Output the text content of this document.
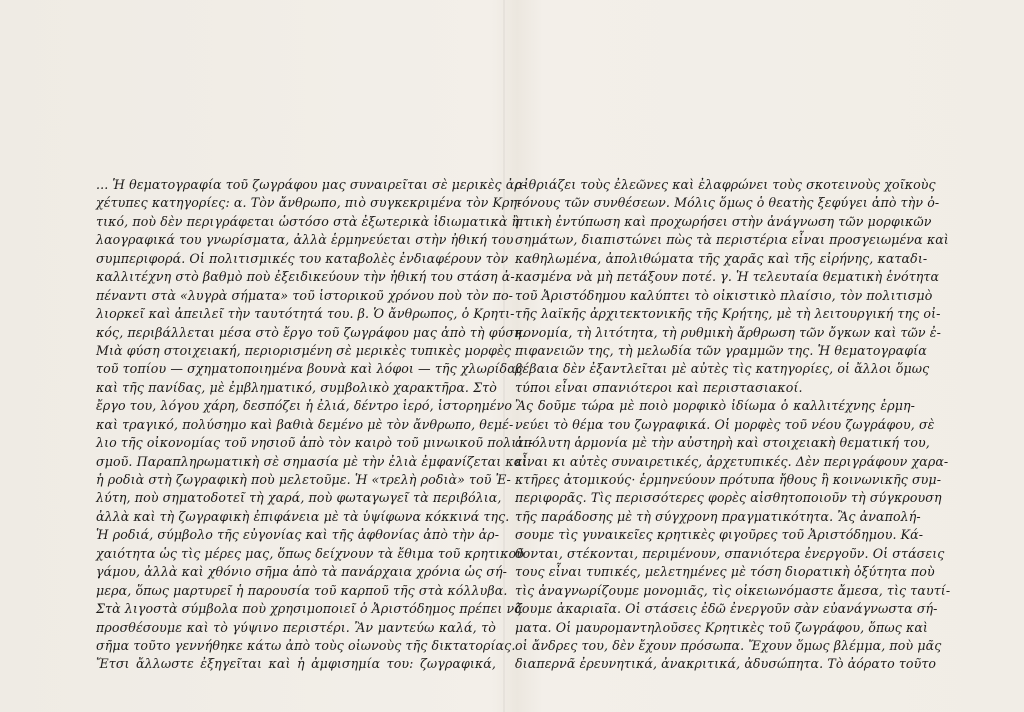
... Ἡ θεματογραφία τοῦ ζωγράφου μας συναιρεῖται σὲ μερικὲς ἀρ-
χέτυπες κατηγορίες: α. Τὸν ἄνθρωπο, πιὸ συγκεκριμένα τὸν Κρη-
τικό, ποὺ δὲν περιγράφεται ὡστόσο στὰ ἐξωτερικὰ ἰδιωματικὰ ἢ
λαογραφικά του γνωρίσματα, ἀλλὰ ἑρμηνεύεται στὴν ἠθική του
συμπεριφορά. Οἱ πολιτισμικές του καταβολὲς ἐνδιαφέρουν τὸν
καλλιτέχνη στὸ βαθμὸ ποὺ ἐξειδικεύουν τὴν ἠθική του στάση ἀ-
πέναντι στὰ «λυγρὰ σήματα» τοῦ ἱστορικοῦ χρόνου ποὺ τὸν πο-
λιορκεῖ καὶ ἀπειλεῖ τὴν ταυτότητά του. β. Ὁ ἄνθρωπος, ὁ Κρητι-
κός, περιβάλλεται μέσα στὸ ἔργο τοῦ ζωγράφου μας ἀπὸ τὴ φύση.
Μιὰ φύση στοιχειακή, περιορισμένη σὲ μερικὲς τυπικὲς μορφὲς
τοῦ τοπίου — σχηματοποιημένα βουνὰ καὶ λόφοι — τῆς χλωρίδας
καὶ τῆς πανίδας, μὲ ἐμβληματικό, συμβολικὸ χαρακτῆρα. Στὸ
ἔργο του, λόγου χάρη, δεσπόζει ἡ ἐλιά, δέντρο ἱερό, ἱστορημένο
καὶ τραγικό, πολύσημο καὶ βαθιὰ δεμένο μὲ τὸν ἄνθρωπο, θεμέ-
λιο τῆς οἰκονομίας τοῦ νησιοῦ ἀπὸ τὸν καιρὸ τοῦ μινωικοῦ πολιτι-
σμοῦ. Παραπληρωματικὴ σὲ σημασία μὲ τὴν ἐλιὰ ἐμφανίζεται καὶ
ἡ ροδιὰ στὴ ζωγραφικὴ ποὺ μελετοῦμε. Ἡ «τρελὴ ροδιὰ» τοῦ Ἐ-
λύτη, ποὺ σηματοδοτεῖ τὴ χαρά, ποὺ φωταγωγεῖ τὰ περιβόλια,
ἀλλὰ καὶ τὴ ζωγραφικὴ ἐπιφάνεια μὲ τὰ ὑψίφωνα κόκκινά της.
Ἡ ροδιά, σύμβολο τῆς εὐγονίας καὶ τῆς ἀφθονίας ἀπὸ τὴν ἀρ-
χαιότητα ὡς τὶς μέρες μας, ὅπως δείχνουν τὰ ἔθιμα τοῦ κρητικοῦ
γάμου, ἀλλὰ καὶ χθόνιο σῆμα ἀπὸ τὰ πανάρχαια χρόνια ὡς σή-
μερα, ὅπως μαρτυρεῖ ἡ παρουσία τοῦ καρποῦ τῆς στὰ κόλλυβα.
Στὰ λιγοστὰ σύμβολα ποὺ χρησιμοποιεῖ ὁ Ἀριστόδημος πρέπει νὰ
προσθέσουμε καὶ τὸ γύψινο περιστέρι. Ἂν μαντεύω καλά, τὸ
σῆμα τοῦτο γεννήθηκε κάτω ἀπὸ τοὺς οἰωνοὺς τῆς δικτατορίας.
Ἔτσι ἄλλωστε ἐξηγεῖται καὶ ἡ ἀμφισημία του: ζωγραφικά,
αἰθριάζει τοὺς ἐλεῶνες καὶ ἐλαφρώνει τοὺς σκοτεινοὺς χοῖκοὺς
τόνους τῶν συνθέσεων. Μόλις ὅμως ὁ θεατὴς ξεφύγει ἀπὸ τὴν ὀ-
πτικὴ ἐντύπωση καὶ προχωρήσει στὴν ἀνάγνωση τῶν μορφικῶν
σημάτων, διαπιστώνει πὼς τὰ περιστέρια εἶναι προσγειωμένα καὶ
καθηλωμένα, ἀπολιθώματα τῆς χαρᾶς καὶ τῆς εἰρήνης, καταδι-
κασμένα νὰ μὴ πετάξουν ποτέ. γ. Ἡ τελευταία θεματικὴ ἑνότητα
τοῦ Ἀριστόδημου καλύπτει τὸ οἰκιστικὸ πλαίσιο, τὸν πολιτισμὸ
τῆς λαϊκῆς ἀρχιτεκτονικῆς τῆς Κρήτης, μὲ τὴ λειτουργική της οἰ-
κονομία, τὴ λιτότητα, τὴ ρυθμικὴ ἄρθρωση τῶν ὄγκων καὶ τῶν ἐ-
πιφανειῶν της, τὴ μελωδία τῶν γραμμῶν της. Ἡ θεματογραφία
βέβαια δὲν ἐξαντλεῖται μὲ αὐτὲς τὶς κατηγορίες, οἱ ἄλλοι ὅμως
τύποι εἶναι σπανιότεροι καὶ περιστασιακοί.
Ἂς δοῦμε τώρα μὲ ποιὸ μορφικὸ ἰδίωμα ὁ καλλιτέχνης ἑρμη-
νεύει τὸ θέμα του ζωγραφικά. Οἱ μορφὲς τοῦ νέου ζωγράφου, σὲ
ἀπόλυτη ἁρμονία μὲ τὴν αὐστηρὴ καὶ στοιχειακὴ θεματική του,
εἶναι κι αὐτὲς συναιρετικές, ἀρχετυπικές. Δὲν περιγράφουν χαρα-
κτῆρες ἀτομικούς· ἑρμηνεύουν πρότυπα ἤθους ἢ κοινωνικῆς συμ-
περιφορᾶς. Τὶς περισσότερες φορὲς αἰσθητοποιοῦν τὴ σύγκρουση
τῆς παράδοσης μὲ τὴ σύγχρονη πραγματικότητα. Ἂς ἀναπολή-
σουμε τὶς γυναικεῖες κρητικὲς φιγοῦρες τοῦ Ἀριστόδημου. Κά-
θονται, στέκονται, περιμένουν, σπανιότερα ἐνεργοῦν. Οἱ στάσεις
τους εἶναι τυπικές, μελετημένες μὲ τόση διορατικὴ ὀξύτητα ποὺ
τὶς ἀναγνωρίζουμε μονομιᾶς, τὶς οἰκειωνόμαστε ἄμεσα, τὶς ταυτί-
ζουμε ἀκαριαῖα. Οἱ στάσεις ἐδῶ ἐνεργοῦν σὰν εὐανάγνωστα σή-
ματα. Οἱ μαυρομαντηλοῦσες Κρητικὲς τοῦ ζωγράφου, ὅπως καὶ
οἱ ἄνδρες του, δὲν ἔχουν πρόσωπα. Ἔχουν ὅμως βλέμμα, ποὺ μᾶς
διαπερνᾶ ἐρευνητικά, ἀνακριτικά, ἀδυσώπητα. Τὸ ἀόρατο τοῦτο
